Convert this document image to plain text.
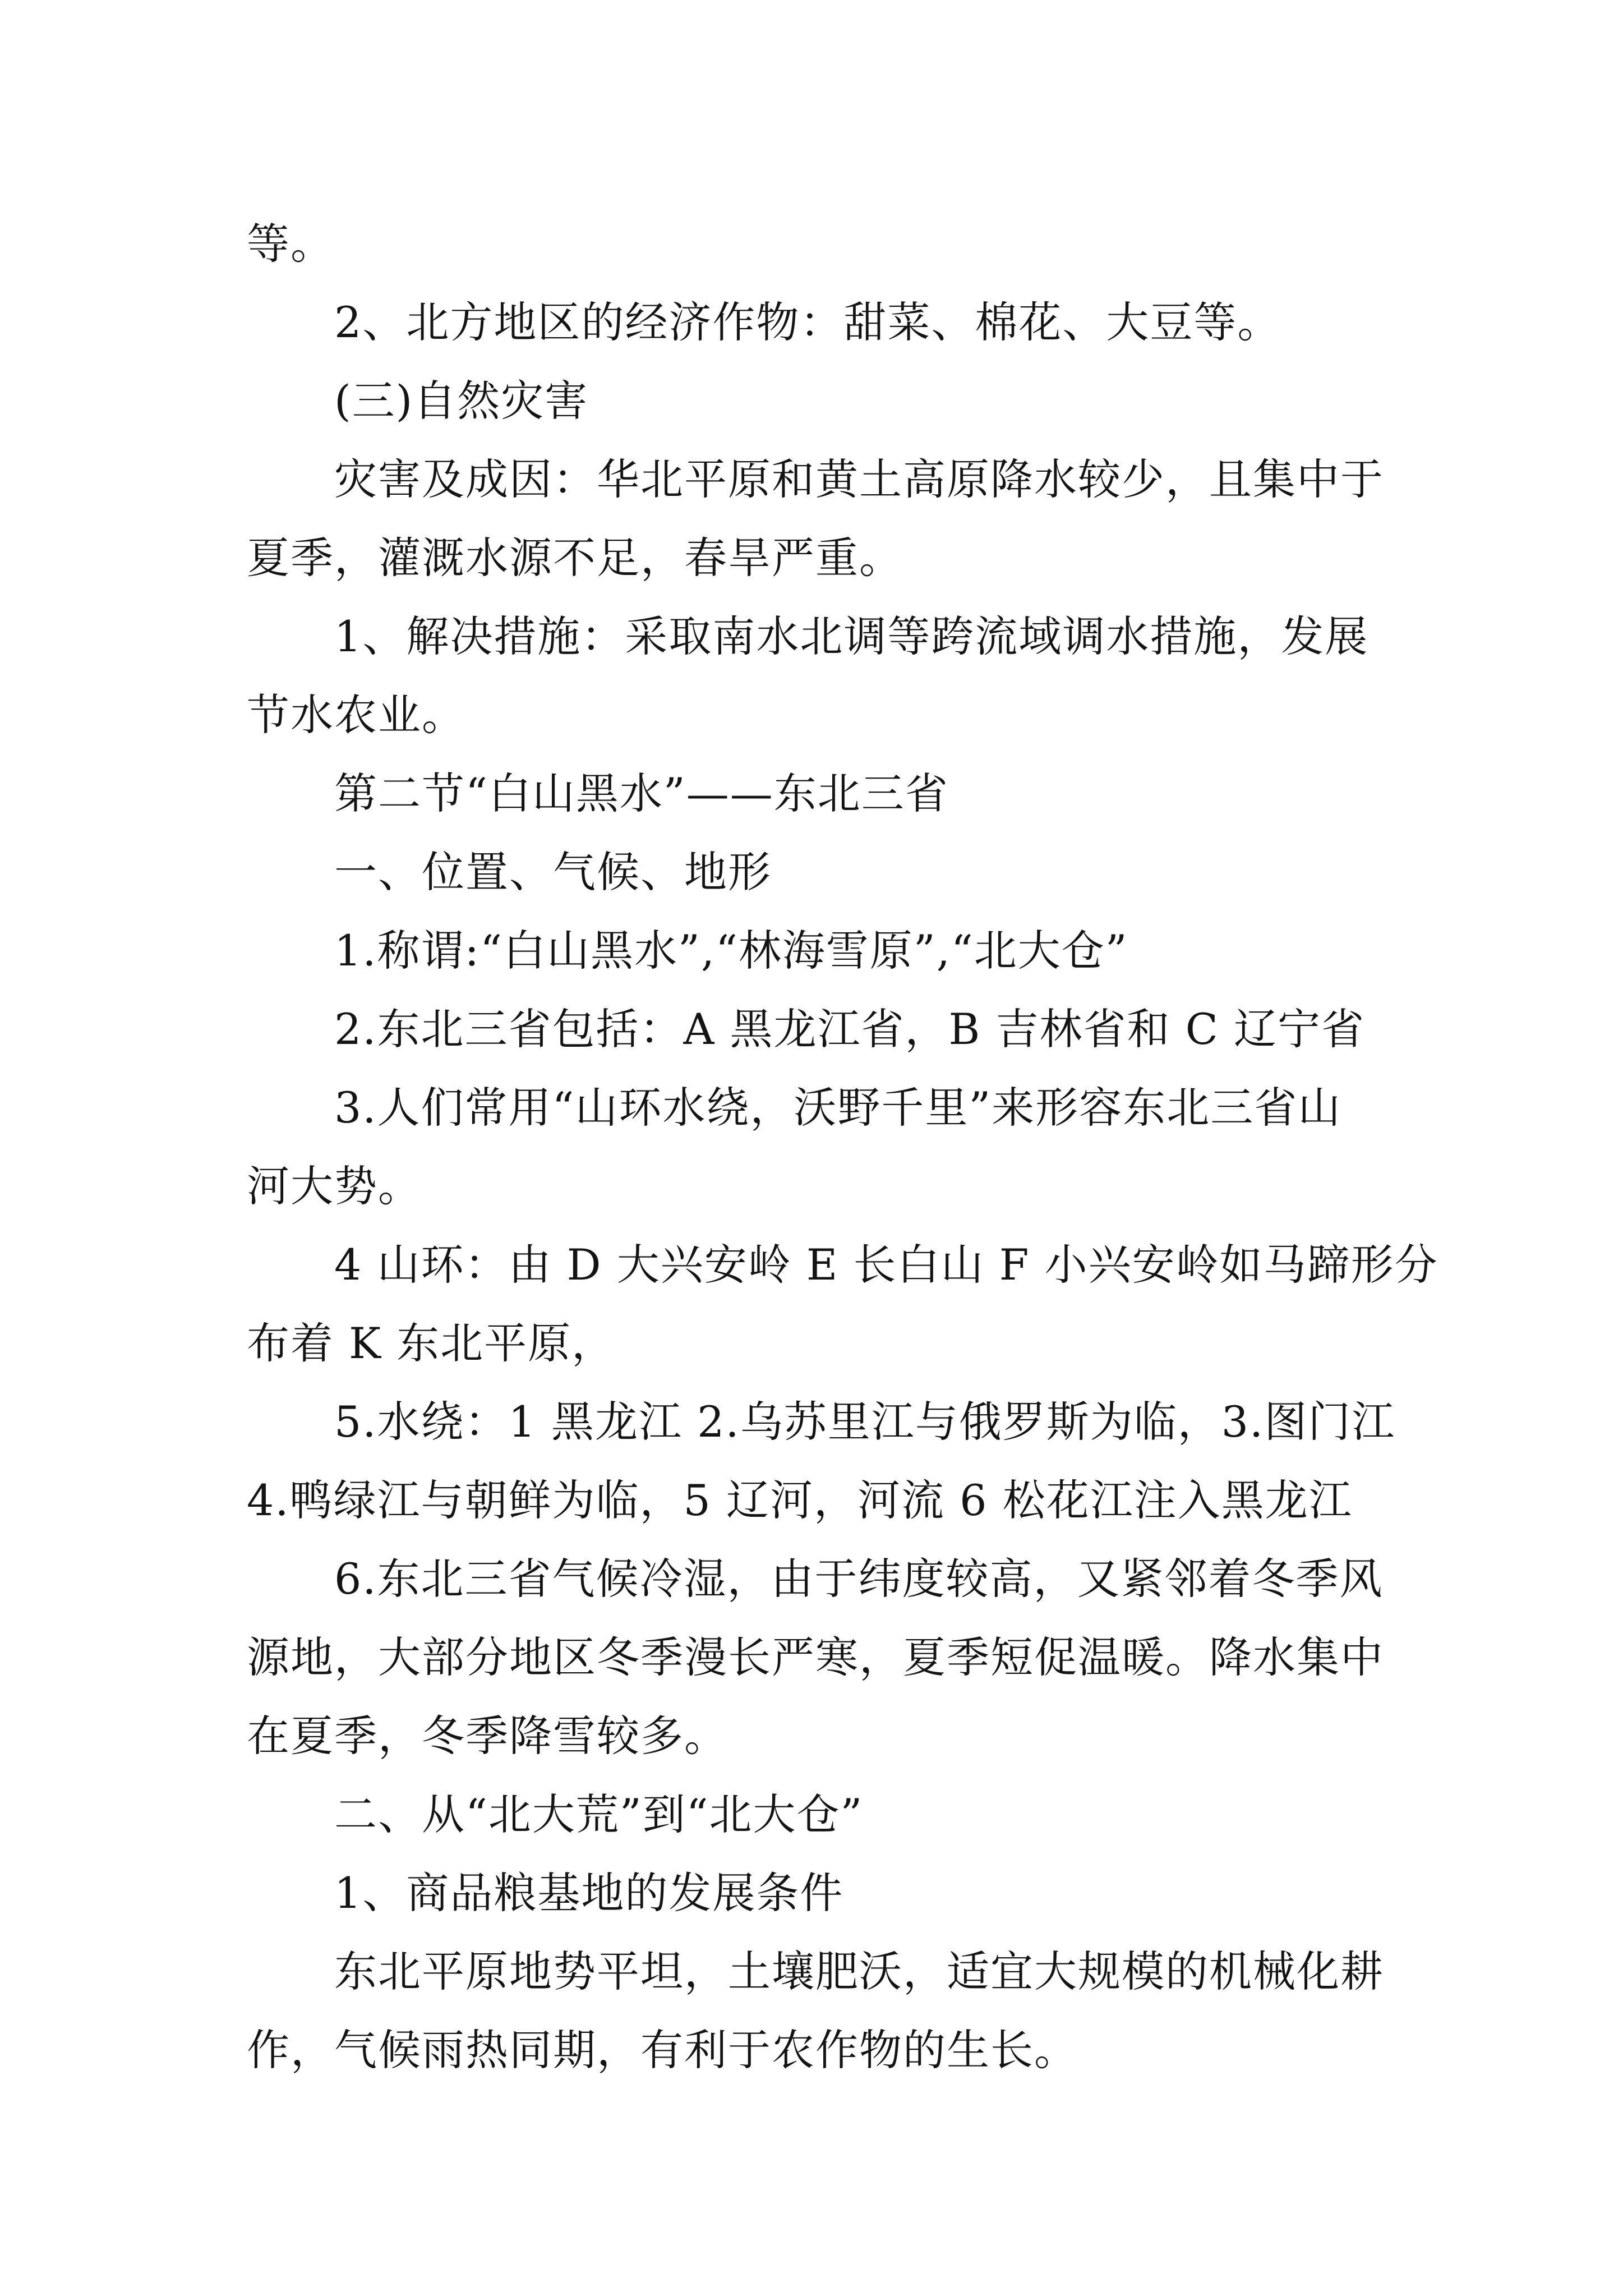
等。
2、北方地区的经济作物：甜菜、棉花、大豆等。
(三)自然灾害
灾害及成因：华北平原和黄土高原降水较少，且集中于
夏季，灌溉水源不足，春旱严重。
1、解决措施：采取南水北调等跨流域调水措施，发展
节水农业。
第二节“白山黑水”——东北三省
一、位置、气候、地形
1.称谓:“白山黑水”,“林海雪原”,“北大仓”
2.东北三省包括：A 黑龙江省，B 吉林省和 C 辽宁省
3.人们常用“山环水绕，沃野千里”来形容东北三省山
河大势。
4 山环：由 D 大兴安岭 E 长白山 F 小兴安岭如马蹄形分
布着 K 东北平原，
5.水绕：1 黑龙江 2.乌苏里江与俄罗斯为临，3.图门江
4.鸭绿江与朝鲜为临，5 辽河，河流 6 松花江注入黑龙江
6.东北三省气候冷湿，由于纬度较高，又紧邻着冬季风
源地，大部分地区冬季漫长严寒，夏季短促温暖。降水集中
在夏季，冬季降雪较多。
二、从“北大荒”到“北大仓”
1、商品粮基地的发展条件
东北平原地势平坦，土壤肥沃，适宜大规模的机械化耕
作，气候雨热同期，有利于农作物的生长。
